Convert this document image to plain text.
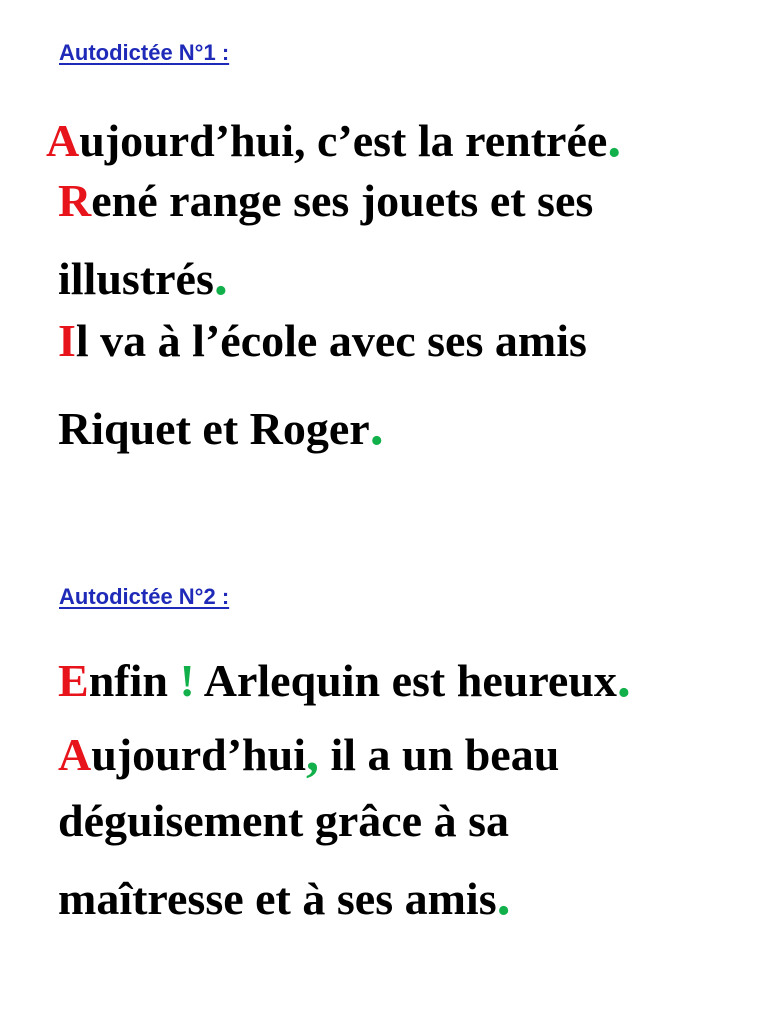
Autodictée N°1 :
Aujourd’hui, c’est la rentrée.
René range ses jouets et ses
illustrés.
Il va à l’école avec ses amis
Riquet et Roger.
Autodictée N°2 :
Enfin ! Arlequin est heureux.
Aujourd’hui, il a un beau
déguisement grâce à sa
maîtresse et à ses amis.
